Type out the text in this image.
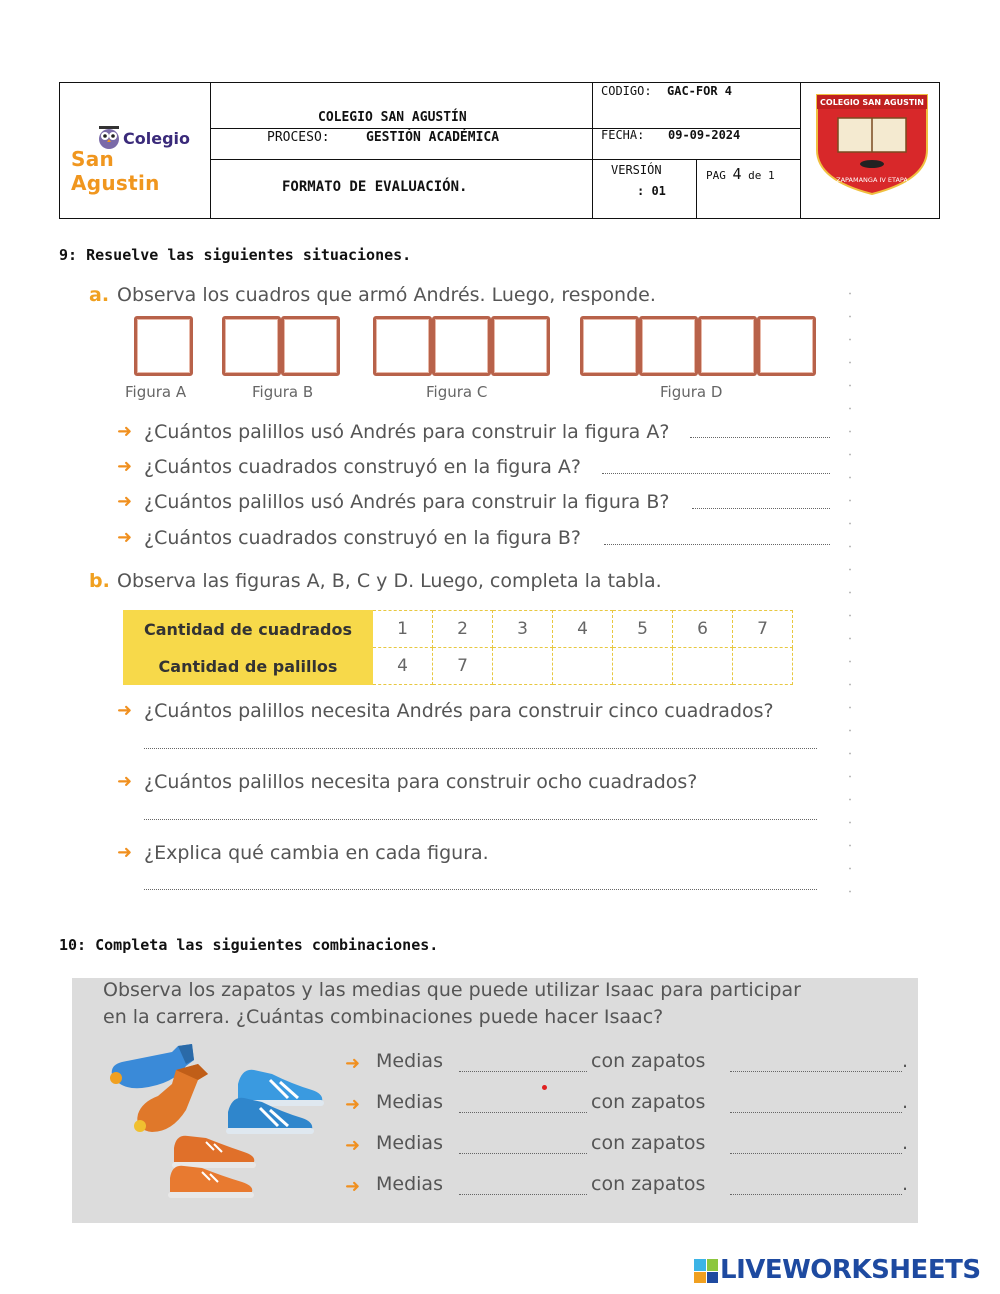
Colegio
San Agustin
COLEGIO SAN AGUSTÍN
PROCESO:	GESTIÓN ACADÉMICA
FORMATO DE EVALUACIÓN.
CODIGO: GAC-FOR 4
FECHA: 09-09-2024
VERSIÓN
: 01
PAG 4 de 1
COLEGIO SAN AGUSTIN
ZAPAMANGA IV ETAPA
9: Resuelve las siguientes situaciones.
a. Observa los cuadros que armó Andrés. Luego, responde.
Figura A	Figura B	Figura C	Figura D
➜ ¿Cuántos palillos usó Andrés para construir la figura A?
➜ ¿Cuántos cuadrados construyó en la figura A?
➜ ¿Cuántos palillos usó Andrés para construir la figura B?
➜ ¿Cuántos cuadrados construyó en la figura B?
b. Observa las figuras A, B, C y D. Luego, completa la tabla.
Cantidad de cuadrados	1	2	3	4	5	6	7
Cantidad de palillos	4	7					
➜ ¿Cuántos palillos necesita Andrés para construir cinco cuadrados?
➜ ¿Cuántos palillos necesita para construir ocho cuadrados?
➜ ¿Explica qué cambia en cada figura.
10: Completa las siguientes combinaciones.
Observa los zapatos y las medias que puede utilizar Isaac para participar
en la carrera. ¿Cuántas combinaciones puede hacer Isaac?
➜ Medias	con zapatos	.
➜ Medias	con zapatos	.
➜ Medias	con zapatos	.
➜ Medias	con zapatos	.
LIVEWORKSHEETS
